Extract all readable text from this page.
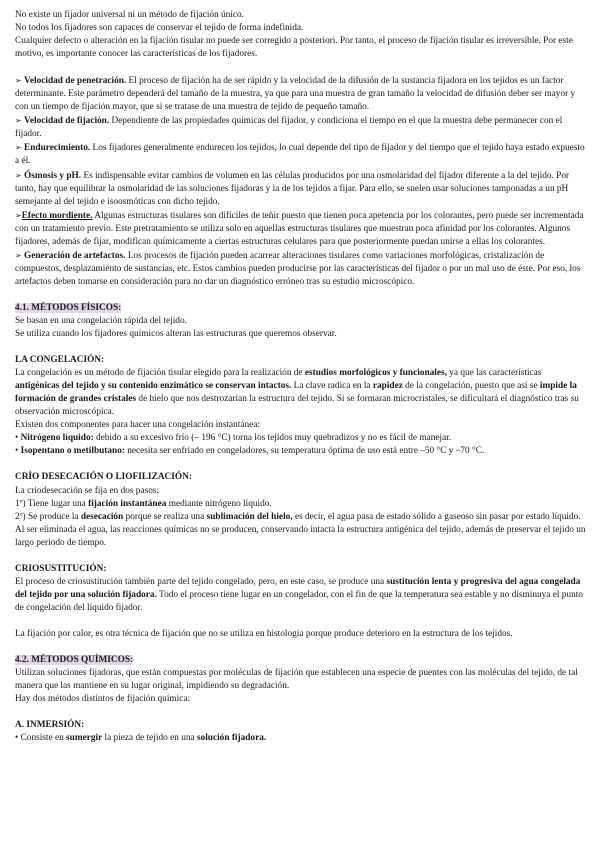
No existe un fijador universal ni un método de fijación único.

No todos los fijadores son capaces de conservar el tejido de forma indefinida.

Cualquier defecto o alteración en la fijación tisular no puede ser corregido a posteriori. Por tanto, el proceso de fijación tisular es irreversible. Por este motivo, es importante conocer las características de los fijadores.

➢ Velocidad de penetración. El proceso de fijación ha de ser rápido y la velocidad de la difusión de la sustancia fijadora en los tejidos es un factor determinante. Este parámetro dependerá del tamaño de la muestra, ya que para una muestra de gran tamaño la velocidad de difusión deber ser mayor y con un tiempo de fijación mayor, que si se tratase de una muestra de tejido de pequeño tamaño.

➢ Velocidad de fijación. Dependiente de las propiedades químicas del fijador, y condiciona el tiempo en el que la muestra debe permanecer con el fijador.

➢ Endurecimiento. Los fijadores generalmente endurecen los tejidos, lo cual depende del tipo de fijador y del tiempo que el tejido haya estado expuesto a él.

➢ Ósmosis y pH. Es indispensable evitar cambios de volumen en las células producidos por una osmolaridad del fijador diferente a la del tejido. Por tanto, hay que equilibrar la osmolaridad de las soluciones fijadoras y la de los tejidos a fijar. Para ello, se suelen usar soluciones tamponadas a un pH semejante al del tejido e isoosmóticas con dicho tejido.

➢Efecto mordiente. Algunas estructuras tisulares son difíciles de teñir puesto que tienen poca apetencia por los colorantes, pero puede ser incrementada con un tratamiento previo. Este pretratamiento se utiliza solo en aquellas estructuras tisulares que muestran poca afinidad por los colorantes. Algunos fijadores, además de fijar, modifican químicamente a ciertas estructuras celulares para que posteriormente puedan unirse a ellas los colorantes.

➢ Generación de artefactos. Los procesos de fijación pueden acarrear alteraciones tisulares como variaciones morfológicas, cristalización de compuestos, desplazamiento de sustancias, etc. Estos cambios pueden producirse por las características del fijador o por un mal uso de éste. Por eso, los artefactos deben tomarse en consideración para no dar un diagnóstico erróneo tras su estudio microscópico.

4.1. MÉTODOS FÍSICOS:

Se basan en una congelación rápida del tejido.

Se utiliza cuando los fijadores químicos alteran las estructuras que queremos observar.

LA CONGELACIÓN:

La congelación es un método de fijación tisular elegido para la realización de estudios morfológicos y funcionales, ya que las características antigénicas del tejido y su contenido enzimático se conservan intactos. La clave radica en la rapidez de la congelación, puesto que así se impide la formación de grandes cristales de hielo que nos destrozarían la estructura del tejido. Si se formaran microcristales, se dificultará el diagnóstico tras su observación microscópica.

Existen dos componentes para hacer una congelación instantánea:

• Nitrógeno líquido: debido a su excesivo frío (– 196 °C) torna los tejidos muy quebradizos y no es fácil de manejar.

• Isopentano o metilbutano: necesita ser enfriado en congeladores, su temperatura óptima de uso está entre –50 °C y –70 °C.

CRÍO DESECACIÓN O LIOFILIZACIÓN:

La criodesecación se fija en dos pasos:

1º) Tiene lugar una fijación instantánea mediante nitrógeno líquido.

2º) Se produce la desecación porque se realiza una sublimación del hielo, es decir, el agua pasa de estado sólido a gaseoso sin pasar por estado líquido. Al ser eliminada el agua, las reacciones químicas no se producen, conservando intacta la estructura antigénica del tejido, además de preservar el tejido un largo periodo de tiempo.

CRIOSUSTITUCIÓN:

El proceso de criosustitución también parte del tejido congelado, pero, en este caso, se produce una sustitución lenta y progresiva del agua congelada del tejido por una solución fijadora. Todo el proceso tiene lugar en un congelador, con el fin de que la temperatura sea estable y no disminuya el punto de congelación del líquido fijador.

La fijación por calor, es otra técnica de fijación que no se utiliza en histología porque produce deterioro en la estructura de los tejidos.

4.2. MÉTODOS QUÍMICOS:

Utilizan soluciones fijadoras, que están compuestas por moléculas de fijación que establecen una especie de puentes con las moléculas del tejido, de tal manera que las mantiene en su lugar original, impidiendo su degradación.

Hay dos métodos distintos de fijación química:

A. INMERSIÓN:

• Consiste en sumergir la pieza de tejido en una solución fijadora.
